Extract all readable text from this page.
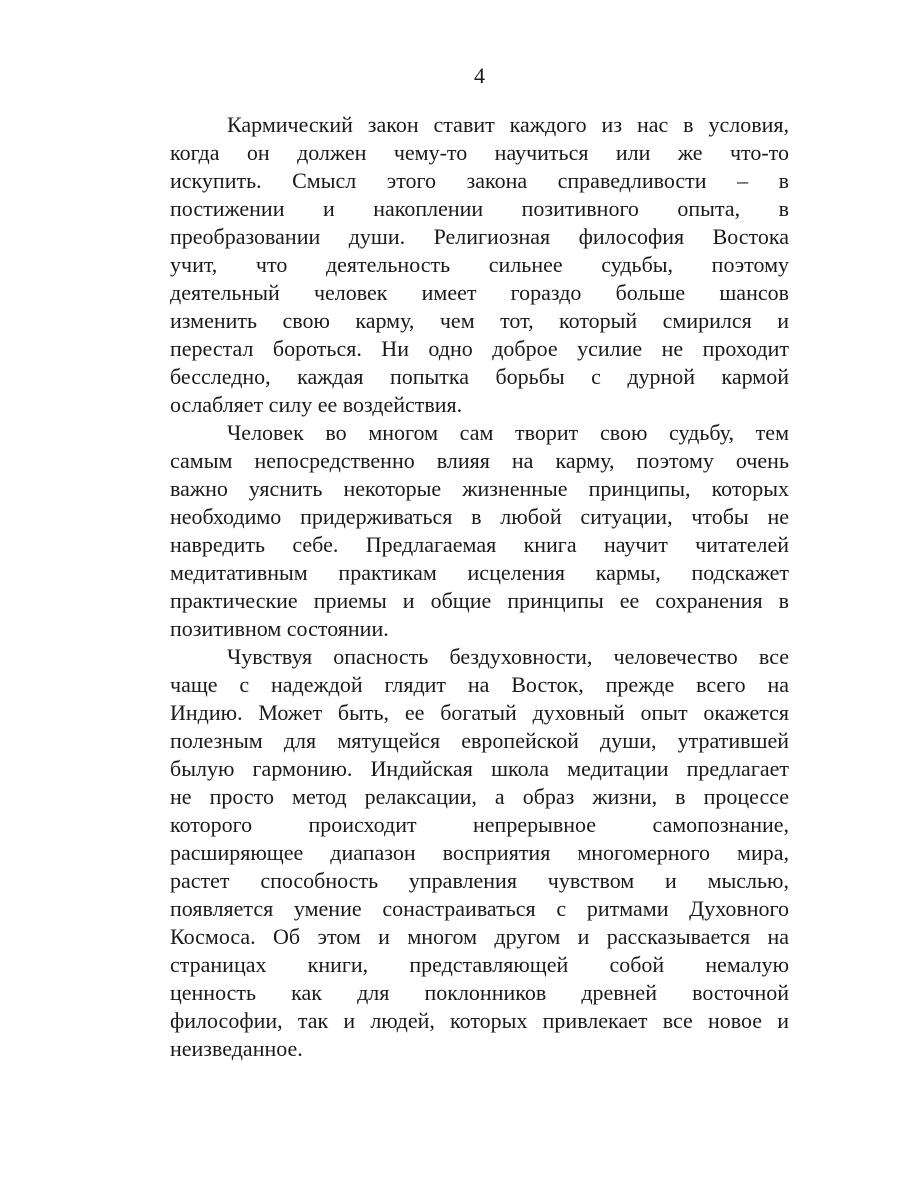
4
Кармический закон ставит каждого из нас в условия,
когда он должен чему-то научиться или же что-то
искупить. Смысл этого закона справедливости – в
постижении и накоплении позитивного опыта, в
преобразовании души. Религиозная философия Востока
учит, что деятельность сильнее судьбы, поэтому
деятельный человек имеет гораздо больше шансов
изменить свою карму, чем тот, который смирился и
перестал бороться. Ни одно доброе усилие не проходит
бесследно, каждая попытка борьбы с дурной кармой
ослабляет силу ее воздействия.
Человек во многом сам творит свою судьбу, тем
самым непосредственно влияя на карму, поэтому очень
важно уяснить некоторые жизненные принципы, которых
необходимо придерживаться в любой ситуации, чтобы не
навредить себе. Предлагаемая книга научит читателей
медитативным практикам исцеления кармы, подскажет
практические приемы и общие принципы ее сохранения в
позитивном состоянии.
Чувствуя опасность бездуховности, человечество все
чаще с надеждой глядит на Восток, прежде всего на
Индию. Может быть, ее богатый духовный опыт окажется
полезным для мятущейся европейской души, утратившей
былую гармонию. Индийская школа медитации предлагает
не просто метод релаксации, а образ жизни, в процессе
которого происходит непрерывное самопознание,
расширяющее диапазон восприятия многомерного мира,
растет способность управления чувством и мыслью,
появляется умение сонастраиваться с ритмами Духовного
Космоса. Об этом и многом другом и рассказывается на
страницах книги, представляющей собой немалую
ценность как для поклонников древней восточной
философии, так и людей, которых привлекает все новое и
неизведанное.
